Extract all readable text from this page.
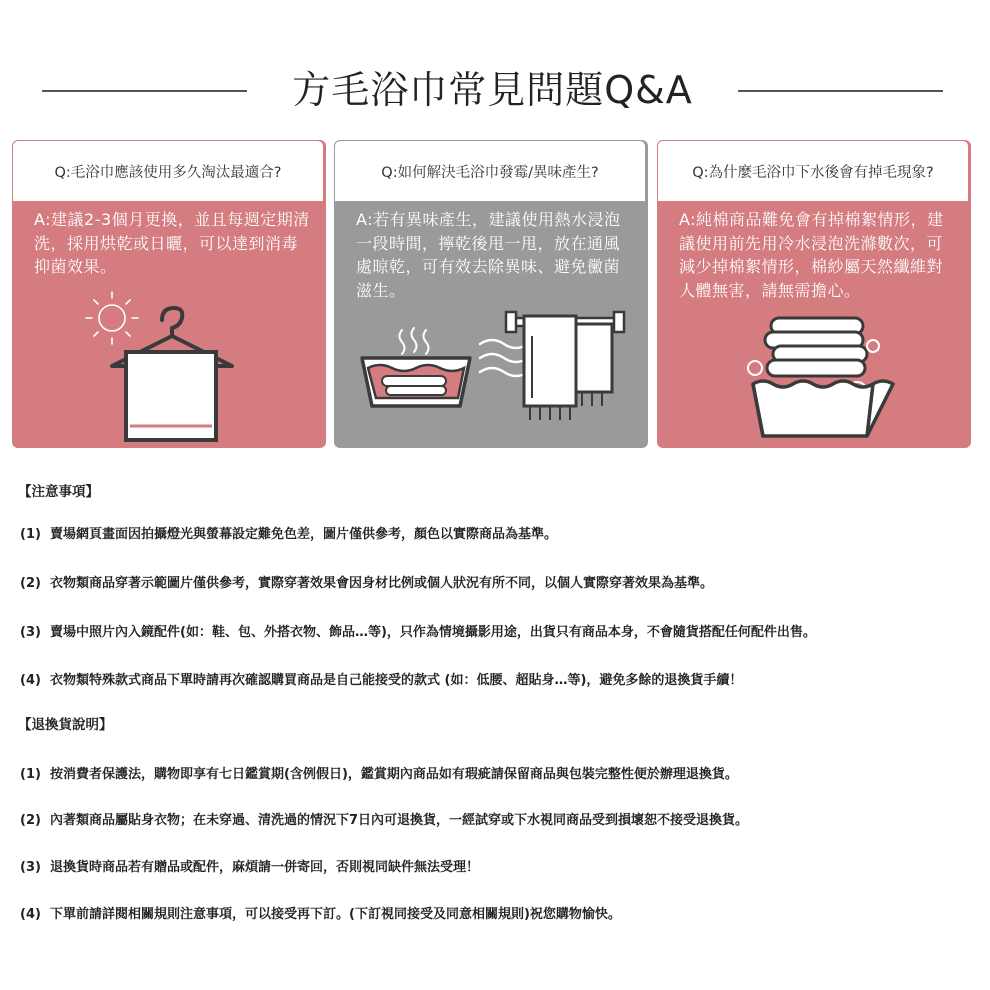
方毛浴巾常見問題Q&A
Q:毛浴巾應該使用多久淘汰最適合?
A:建議2-3個月更換，並且每週定期清洗，採用烘乾或日曬，可以達到消毒抑菌效果。
Q:如何解決毛浴巾發霉/異味產生?
A:若有異味產生，建議使用熱水浸泡一段時間，擰乾後甩一甩，放在通風處晾乾，可有效去除異味、避免黴菌滋生。
Q:為什麼毛浴巾下水後會有掉毛現象?
A:純棉商品難免會有掉棉絮情形，建議使用前先用冷水浸泡洗滌數次，可減少掉棉絮情形，棉紗屬天然纖維對人體無害，請無需擔心。
【注意事項】
(1) 賣場網頁畫面因拍攝燈光與螢幕設定難免色差，圖片僅供參考，顏色以實際商品為基準。
(2) 衣物類商品穿著示範圖片僅供參考，實際穿著效果會因身材比例或個人狀況有所不同，以個人實際穿著效果為基準。
(3) 賣場中照片內入鏡配件(如：鞋、包、外搭衣物、飾品…等)，只作為情境攝影用途，出貨只有商品本身，不會隨貨搭配任何配件出售。
(4) 衣物類特殊款式商品下單時請再次確認購買商品是自己能接受的款式 (如：低腰、超貼身…等)，避免多餘的退換貨手續！
【退換貨說明】
(1) 按消費者保護法，購物即享有七日鑑賞期(含例假日)，鑑賞期內商品如有瑕疵請保留商品與包裝完整性便於辦理退換貨。
(2) 內著類商品屬貼身衣物；在未穿過、清洗過的情況下7日內可退換貨，一經試穿或下水視同商品受到損壞恕不接受退換貨。
(3) 退換貨時商品若有贈品或配件，麻煩請一併寄回，否則視同缺件無法受理！
(4) 下單前請詳閱相關規則注意事項，可以接受再下訂。(下訂視同接受及同意相關規則)祝您購物愉快。
